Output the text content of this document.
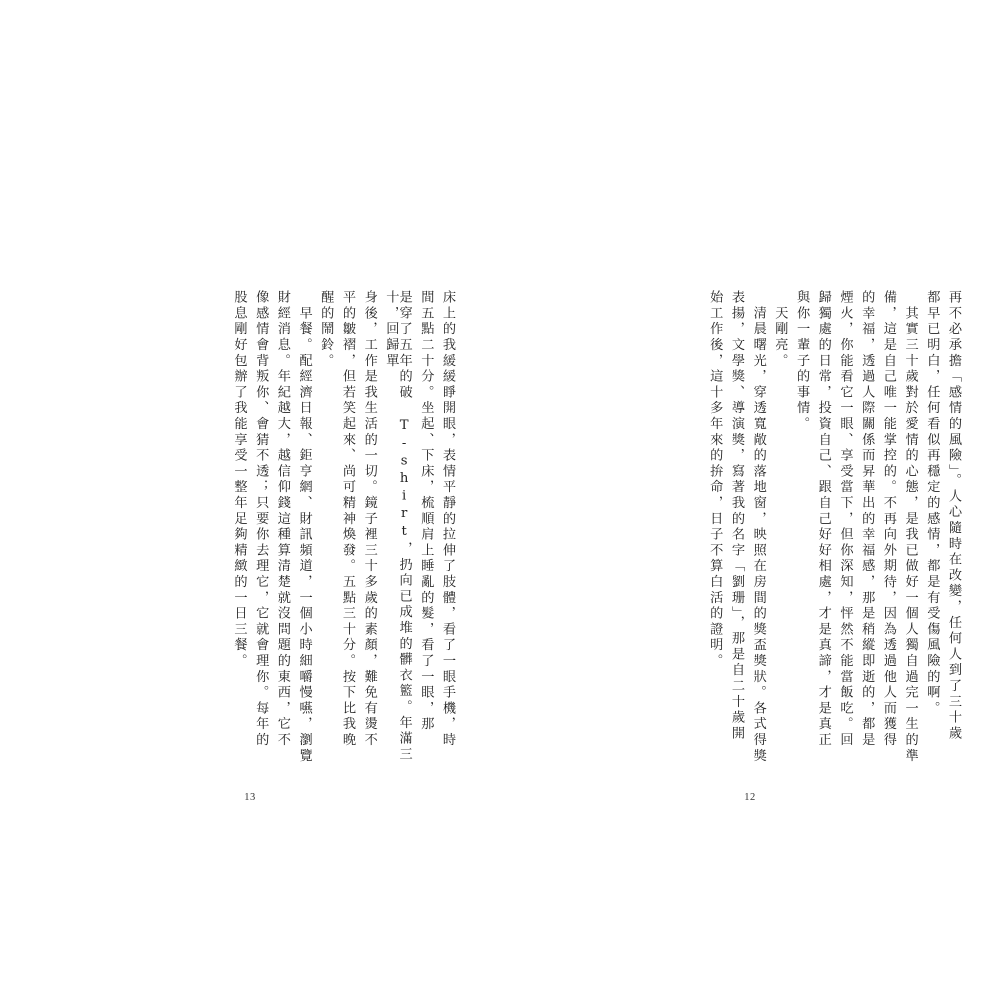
床上的我緩緩睜開眼，表情平靜的拉伸了肢體，看了一眼手機，時
間五點二十分。坐起、下床，梳順肩上睡亂的髮，看了一眼，那
是穿了五年的破 T-shirt，扔向已成堆的髒衣籃。年滿三十，回歸單
身後，工作是我生活的一切。鏡子裡三十多歲的素顏，難免有燙不
平的皺褶，但若笑起來、尚可精神煥發。五點三十分。按下比我晚
醒的鬧鈴。
　早餐。配經濟日報、鉅亨網、財訊頻道，一個小時細嚼慢嚥，瀏覽
財經消息。年紀越大，越信仰錢這種算清楚就沒問題的東西，它不
像感情會背叛你、會猜不透；只要你去理它，它就會理你。每年的
股息剛好包辦了我能享受一整年足夠精緻的一日三餐。
13
再不必承擔「感情的風險」。人心隨時在改變，任何人到了三十歲
都早已明白，任何看似再穩定的感情，都是有受傷風險的啊。
　其實三十歲對於愛情的心態，是我已做好一個人獨自過完一生的準
備，這是自己唯一能掌控的。不再向外期待，因為透過他人而獲得
的幸福，透過人際關係而昇華出的幸福感，那是稍縱即逝的，都是
煙火，你能看它一眼、享受當下，但你深知，怦然不能當飯吃。回
歸獨處的日常，投資自己、跟自己好好相處，才是真諦，才是真正
與你一輩子的事情。
　天剛亮。
　清晨曙光，穿透寬敞的落地窗，映照在房間的獎盃獎狀。各式得獎
表揚，文學獎、導演獎，寫著我的名字「劉珊」，那是自二十歲開
始工作後，這十多年來的拚命，日子不算白活的證明。
12
